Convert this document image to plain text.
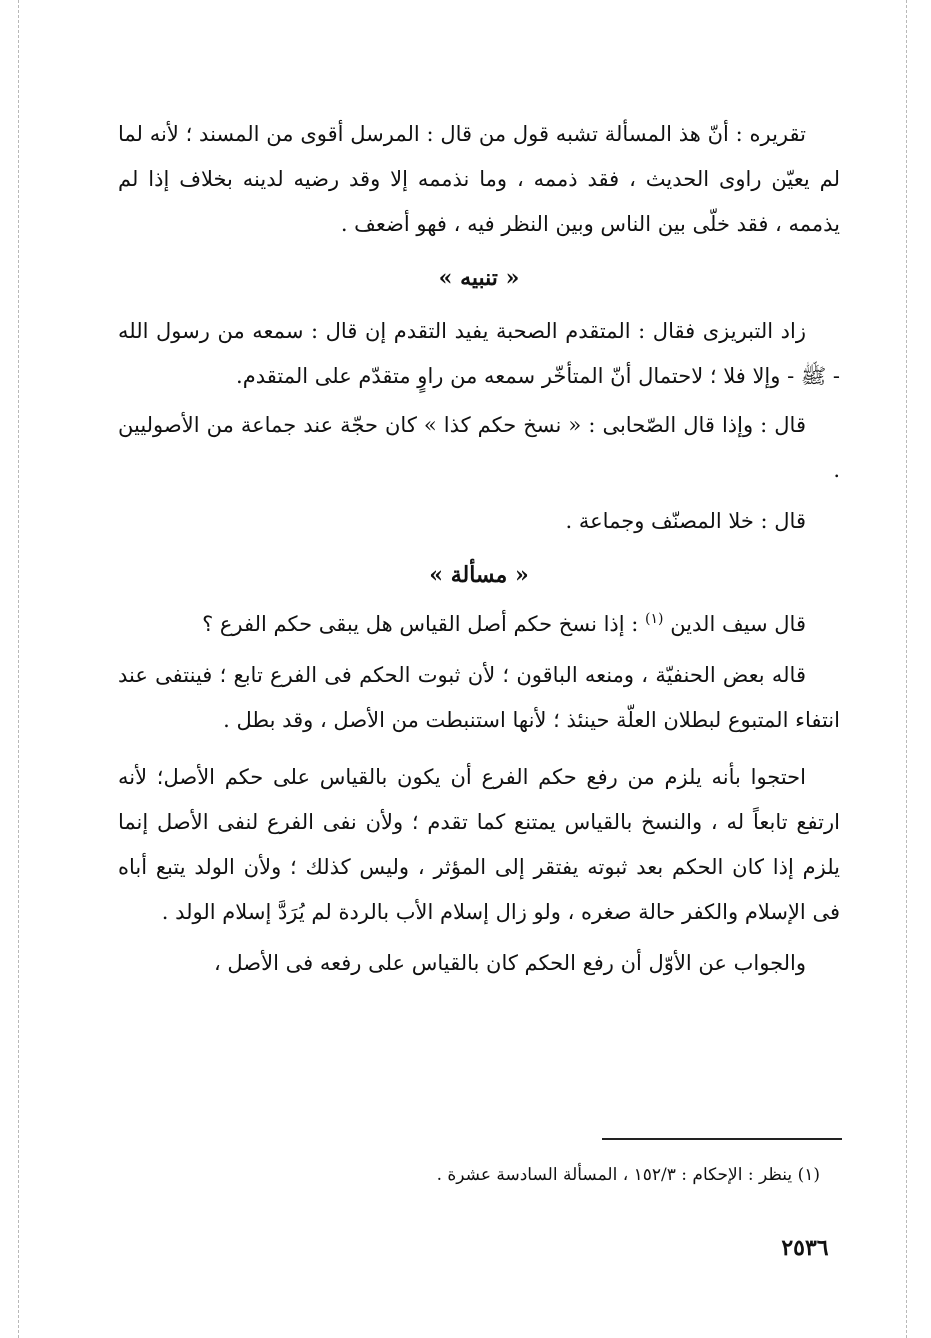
تقريره : أنّ هذ المسألة تشبه قول من قال : المرسل أقوى من المسند ؛ لأنه لما لم يعيّن راوى الحديث ، فقد ذممه ، وما نذممه إلا وقد رضيه لدينه بخلاف إذا لم يذممه ، فقد خلّى بين الناس وبين النظر فيه ، فهو أضعف .

« تنبيه »

زاد التبريزى فقال : المتقدم الصحبة يفيد التقدم إن قال : سمعه من رسول الله - ﷺ - وإلا فلا ؛ لاحتمال أنّ المتأخّر سمعه من راوٍ متقدّم على المتقدم.

قال : وإذا قال الصّحابى : « نسخ حكم كذا » كان حجّة عند جماعة من الأصوليين .

قال : خلا المصنّف وجماعة .

« مسألة »

قال سيف الدين $^{(١)}$ : إذا نسخ حكم أصل القياس هل يبقى حكم الفرع ؟

قاله بعض الحنفيّة ، ومنعه الباقون ؛ لأن ثبوت الحكم فى الفرع تابع ؛ فينتفى عند انتفاء المتبوع لبطلان العلّة حينئذ ؛ لأنها استنبطت من الأصل ، وقد بطل .

احتجوا بأنه يلزم من رفع حكم الفرع أن يكون بالقياس على حكم الأصل؛ لأنه ارتفع تابعاً له ، والنسخ بالقياس يمتنع كما تقدم ؛ ولأن نفى الفرع لنفى الأصل إنما يلزم إذا كان الحكم بعد ثبوته يفتقر إلى المؤثر ، وليس كذلك ؛ ولأن الولد يتبع أباه فى الإسلام والكفر حالة صغره ، ولو زال إسلام الأب بالردة لم يُرَدَّ إسلام الولد .

والجواب عن الأوّل أن رفع الحكم كان بالقياس على رفعه فى الأصل ،

(١) ينظر : الإحكام : ١٥٢/٣ ، المسألة السادسة عشرة .

٢٥٣٦
